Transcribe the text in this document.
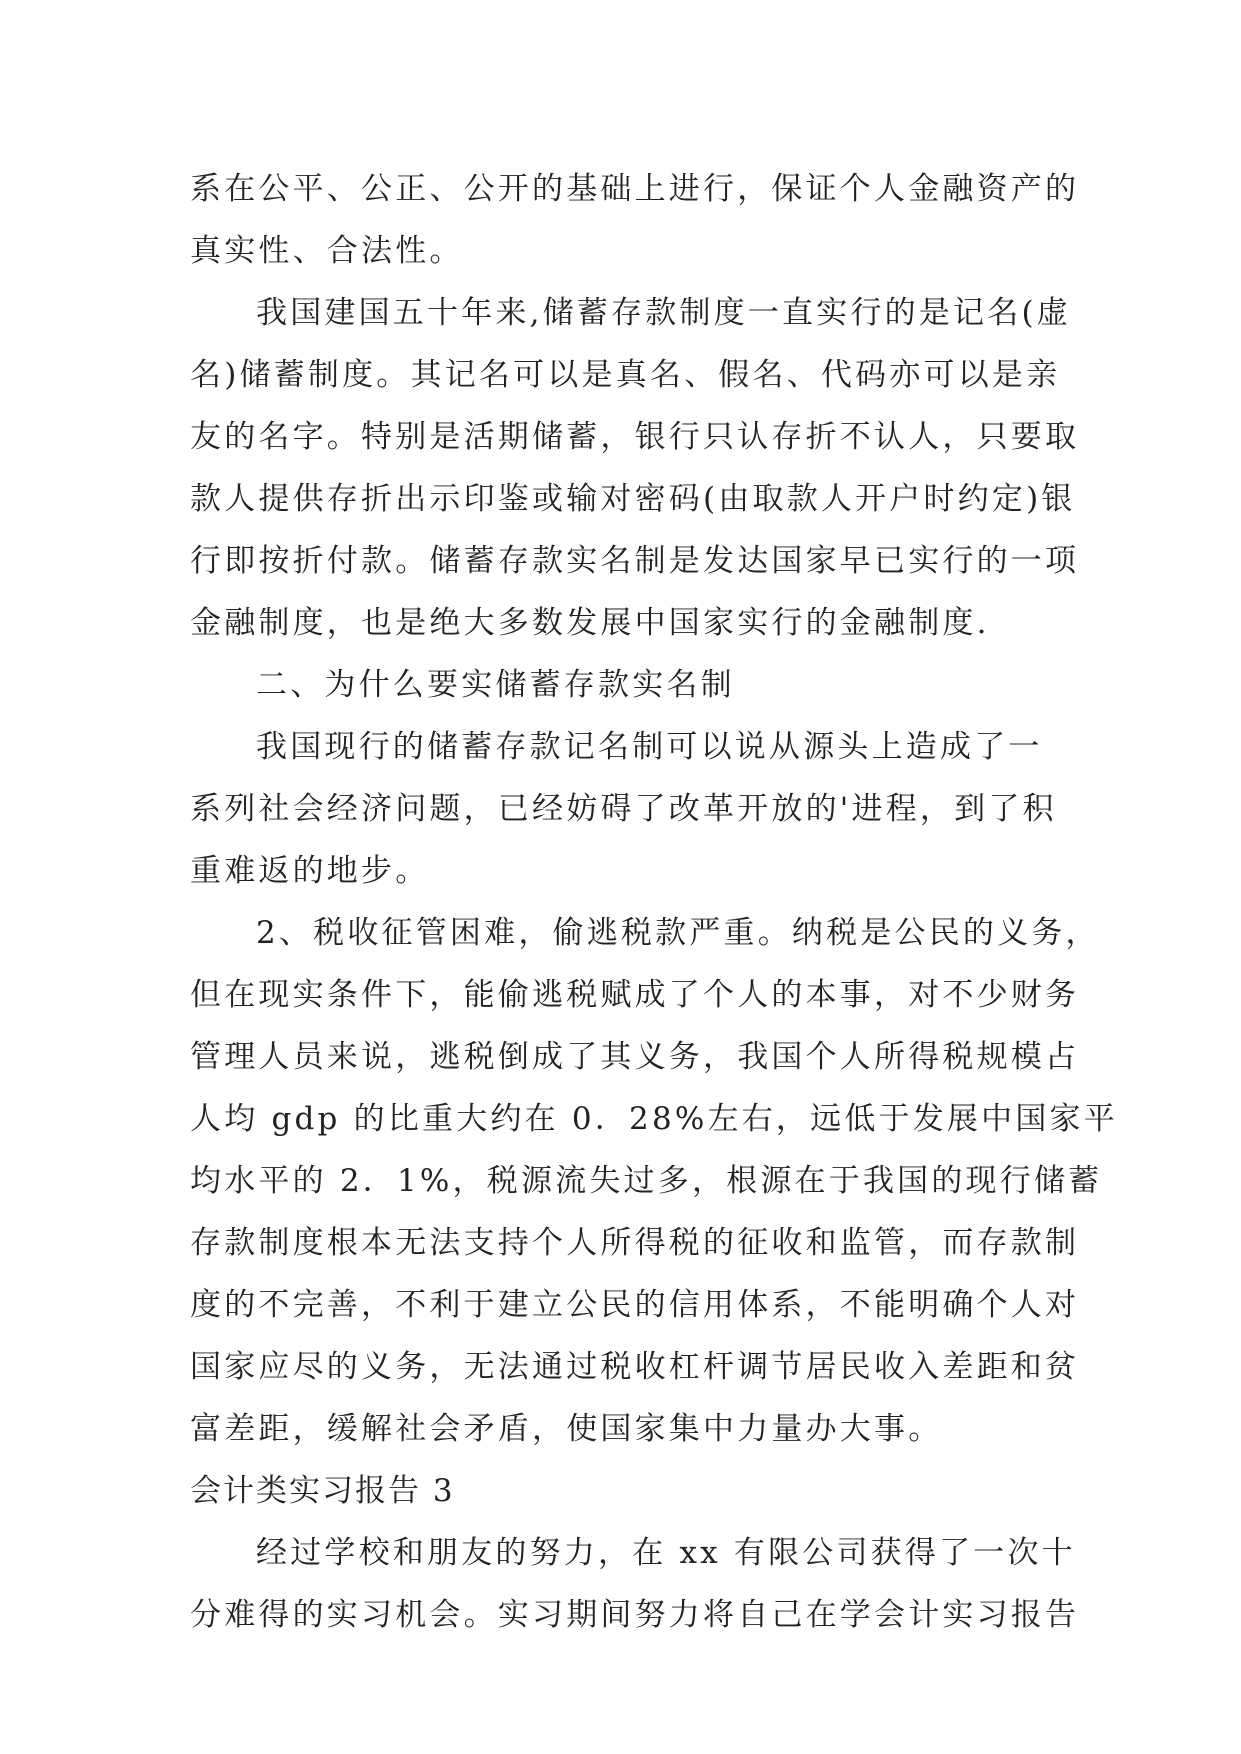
系在公平、公正、公开的基础上进行，保证个人金融资产的
真实性、合法性。
我国建国五十年来,储蓄存款制度一直实行的是记名(虚
名)储蓄制度。其记名可以是真名、假名、代码亦可以是亲
友的名字。特别是活期储蓄，银行只认存折不认人，只要取
款人提供存折出示印鉴或输对密码(由取款人开户时约定)银
行即按折付款。储蓄存款实名制是发达国家早已实行的一项
金融制度，也是绝大多数发展中国家实行的金融制度.
二、为什么要实储蓄存款实名制
我国现行的储蓄存款记名制可以说从源头上造成了一
系列社会经济问题，已经妨碍了改革开放的'进程，到了积
重难返的地步。
2、税收征管困难，偷逃税款严重。纳税是公民的义务，
但在现实条件下，能偷逃税赋成了个人的本事，对不少财务
管理人员来说，逃税倒成了其义务，我国个人所得税规模占
人均 gdp 的比重大约在 0．28%左右，远低于发展中国家平
均水平的 2．1%，税源流失过多，根源在于我国的现行储蓄
存款制度根本无法支持个人所得税的征收和监管，而存款制
度的不完善，不利于建立公民的信用体系，不能明确个人对
国家应尽的义务，无法通过税收杠杆调节居民收入差距和贫
富差距，缓解社会矛盾，使国家集中力量办大事。
会计类实习报告 3
经过学校和朋友的努力，在 xx 有限公司获得了一次十
分难得的实习机会。实习期间努力将自己在学会计实习报告
